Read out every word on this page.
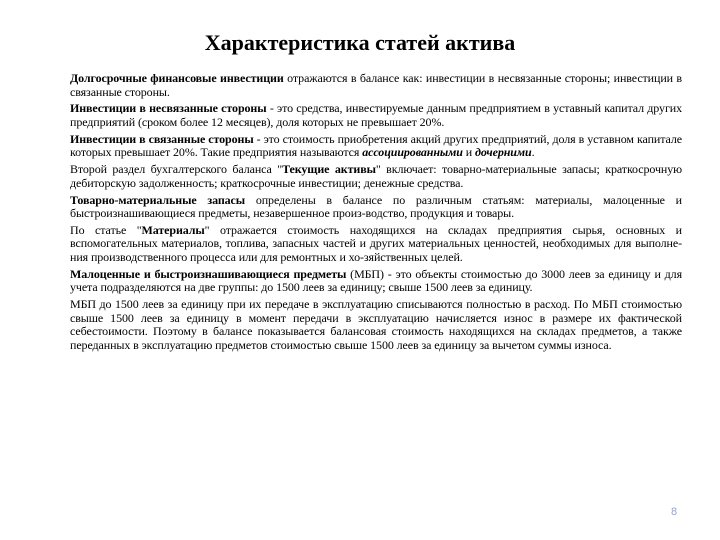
Характеристика статей актива

Долгосрочные финансовые инвестиции отражаются в балансе как: инвестиции в несвязанные стороны; инвестиции в связанные стороны.

Инвестиции в несвязанные стороны - это средства, инвестируемые данным предприятием в уставный капитал других предприятий (сроком более 12 месяцев), доля которых не превышает 20%.

Инвестиции в связанные стороны - это стоимость приобретения акций других предприятий, доля в уставном капитале которых превышает 20%. Такие предприятия называются ассоциированными и дочерними.

Второй раздел бухгалтерского баланса "Текущие активы" включает: товарно-материальные запасы; краткосрочную дебиторскую задолженность; краткосрочные инвестиции; денежные средства.

Товарно-материальные запасы определены в балансе по различным статьям: материалы, малоценные и быстроизнашивающиеся предметы, незавершенное произ-водство, продукция и товары.

По статье "Материалы" отражается стоимость находящихся на складах предприятия сырья, основных и вспомогательных материалов, топлива, запасных частей и других материальных ценностей, необходимых для выполне-ния производственного процесса или для ремонтных и хо-зяйственных целей.

Малоценные и быстроизнашивающиеся предметы (МБП) - это объекты стоимостью до 3000 леев за единицу и для учета подразделяются на две группы: до 1500 леев за единицу; свыше 1500 леев за единицу.

МБП до 1500 леев за единицу при их передаче в эксплуатацию списываются полностью в расход. По МБП стоимостью свыше 1500 леев за единицу в момент передачи в эксплуатацию начисляется износ в размере их фактической себестоимости. Поэтому в балансе показывается балансовая стоимость находящихся на складах предметов, а также переданных в эксплуатацию предметов стоимостью свыше 1500 леев за единицу за вычетом суммы износа.

8
